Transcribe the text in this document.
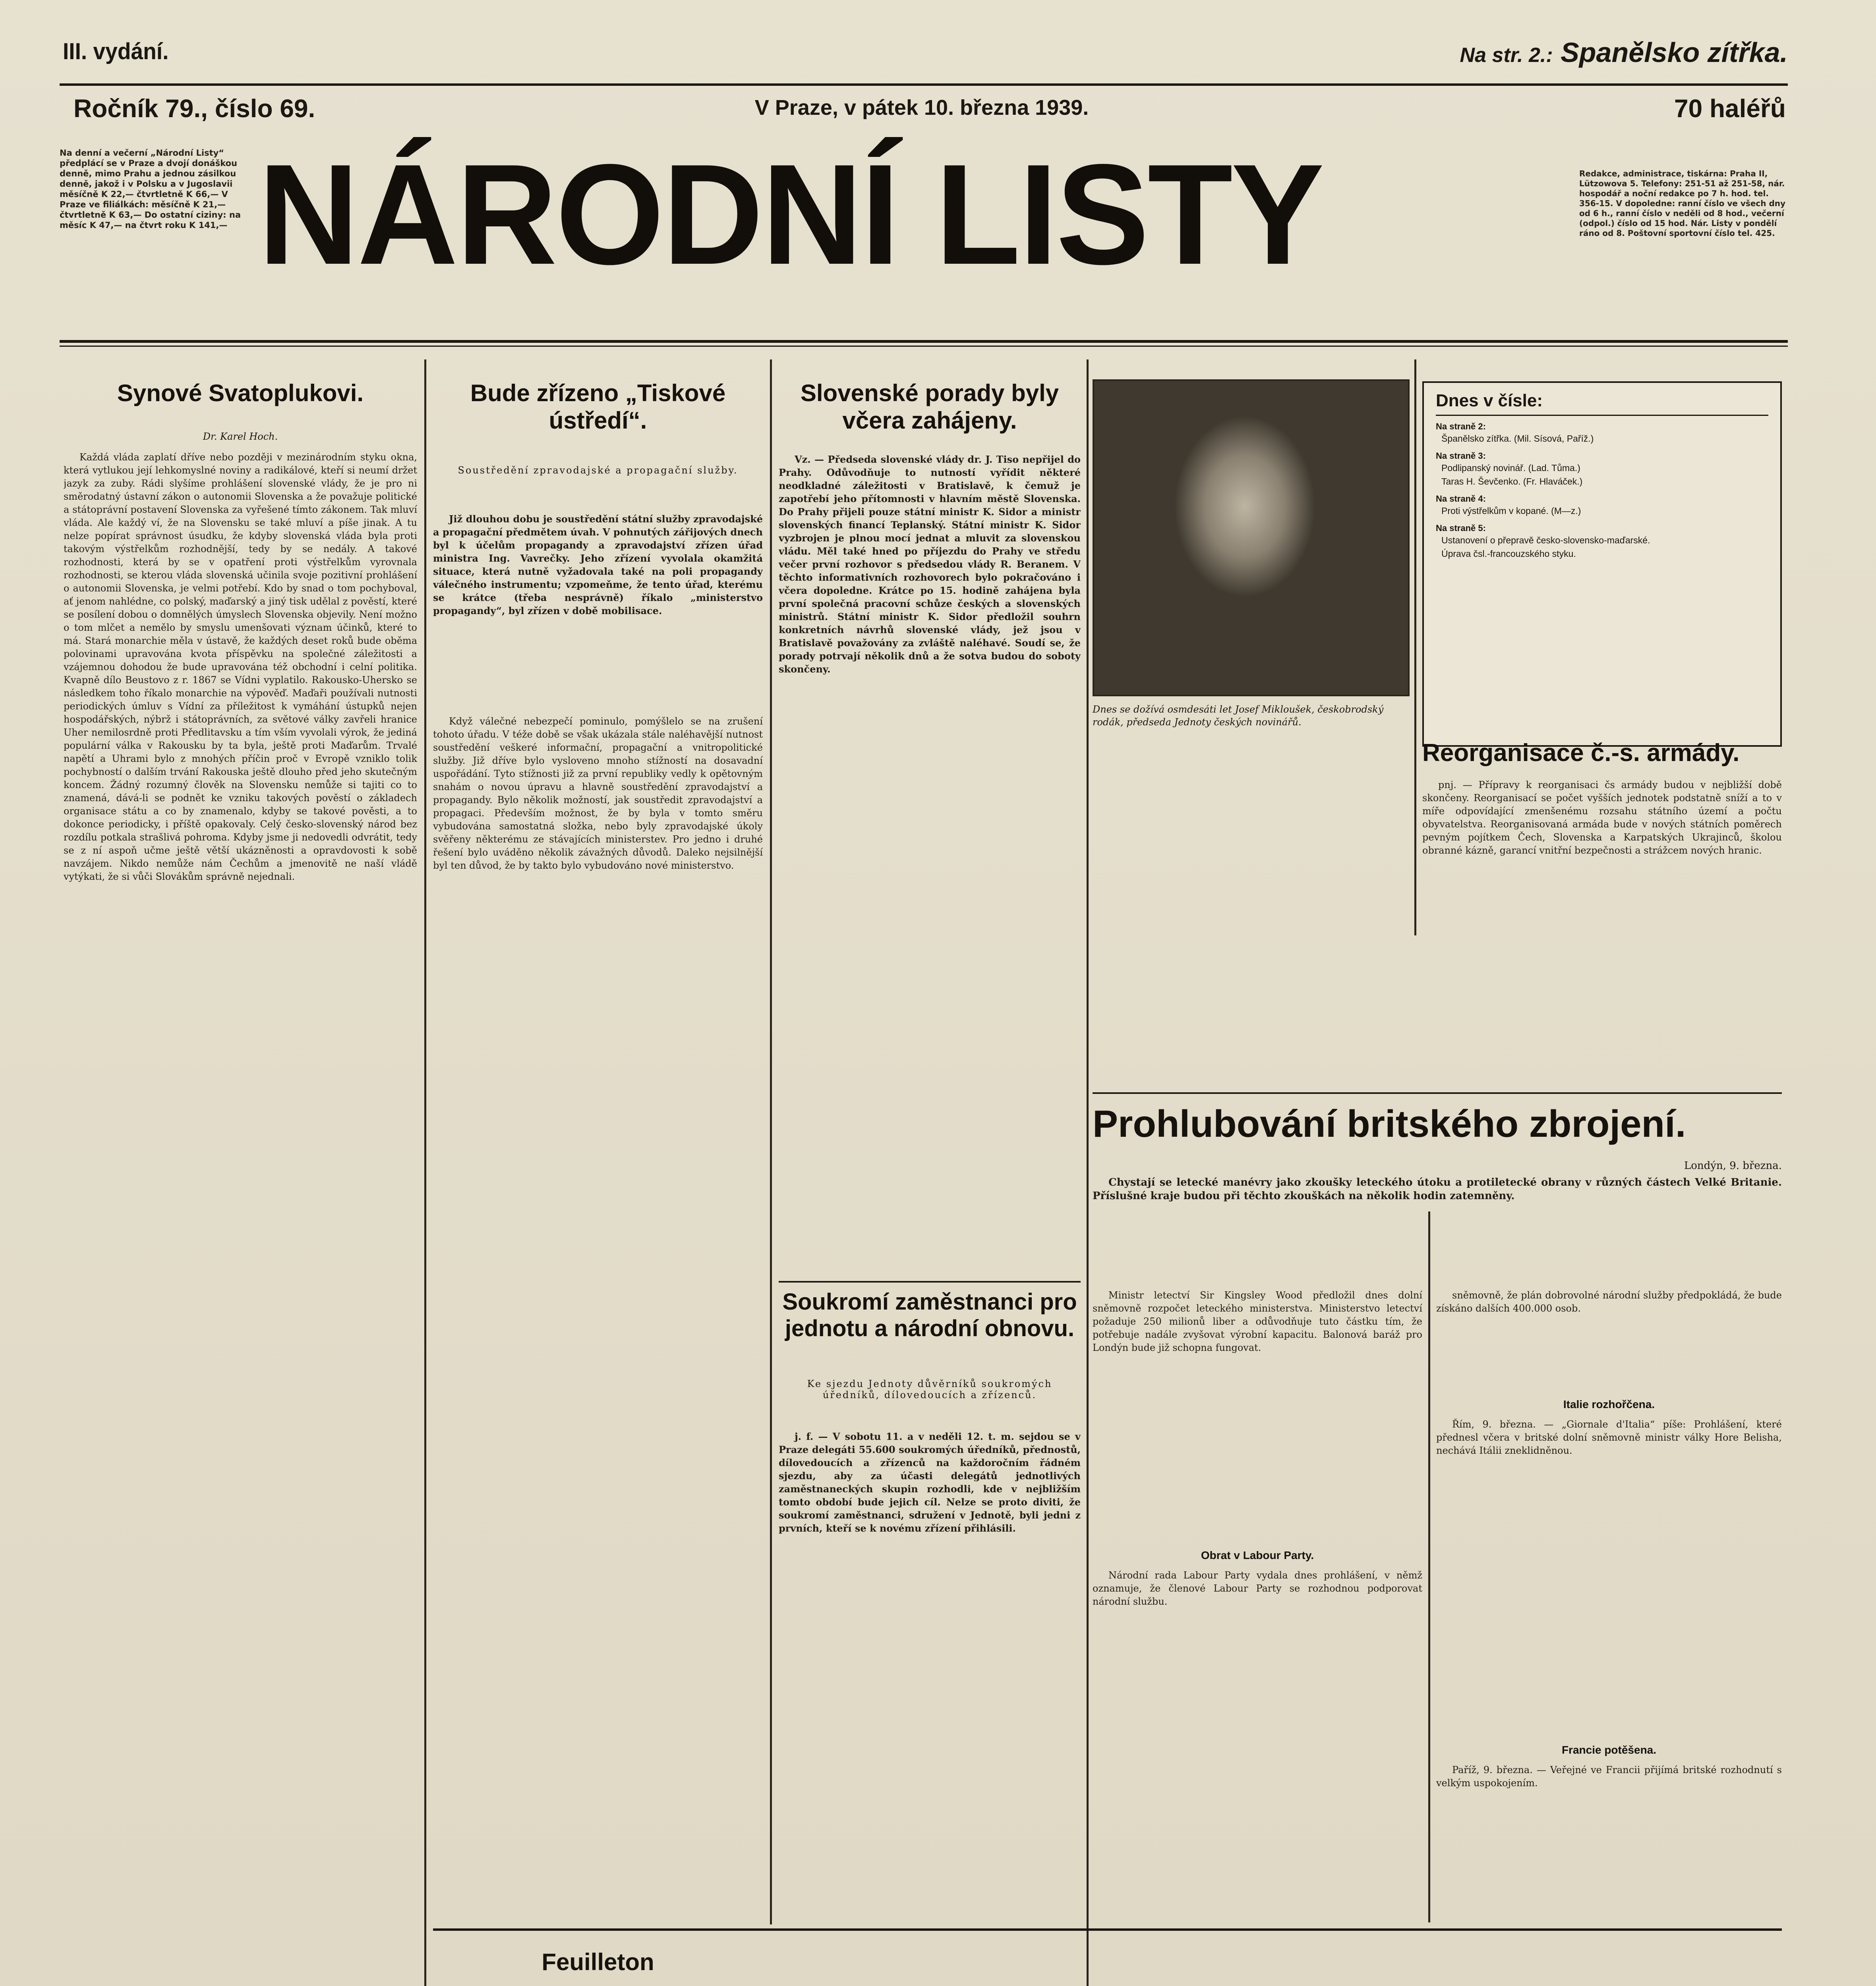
III. vydání.	Na str. 2.: Spanělsko zítřka.
Ročník 79., číslo 69.	V Praze, v pátek 10. března 1939.	70 haléřů
Na denní a večerní „Národní Listy“ předplácí se v Praze a dvojí donáškou denně, mimo Prahu a jednou zásilkou denně, jakož i v Polsku a v Jugoslavii měsíčně K 22,— čtvrtletně K 66,— V Praze ve filiálkách: měsíčně K 21,— čtvrtletně K 63,— Do ostatní ciziny: na měsíc K 47,— na čtvrt roku K 141,— NÁRODNÍ LISTY	Redakce, administrace, tiskárna: Praha II, Lützowova 5. Telefony: 251-51 až 251-58, nár. hospodář a noční redakce po 7 h. hod. tel. 356-15. V dopoledne: ranní číslo ve všech dny od 6 h., ranní číslo v neděli od 8 hod., večerní (odpol.) číslo od 15 hod. Nár. Listy v pondělí ráno od 8. Poštovní sportovní číslo tel. 425.
Synové Svatoplukovi.
Dr. Karel Hoch.

Každá vláda zaplatí dříve nebo později v mezinárodním styku okna, která vytlukou její lehkomyslné noviny a radikálové, kteří si neumí držet jazyk za zuby. Rádi slyšíme prohlášení slovenské vlády, že je pro ni směrodatný ústavní zákon o autonomii Slovenska a že považuje politické a státoprávní postavení Slovenska za vyřešené tímto zákonem. Tak mluví vláda. Ale každý ví, že na Slovensku se také mluví a píše jinak. A tu nelze popírat správnost úsudku, že kdyby slovenská vláda byla proti takovým výstřelkům rozhodnější, tedy by se nedály. A takové rozhodnosti, která by se v opatření proti výstřelkům vyrovnala rozhodnosti, se kterou vláda slovenská učinila svoje pozitivní prohlášení o autonomii Slovenska, je velmi potřebí. Kdo by snad o tom pochyboval, ať jenom nahlédne, co polský, maďarský a jiný tisk udělal z pověstí, které se posílení dobou o domnělých úmyslech Slovenska objevily. Není možno o tom mlčet a nemělo by smyslu umenšovati význam účinků, které to má. Stará monarchie měla v ústavě, že každých deset roků bude oběma polovinami upravována kvota příspěvku na společné záležitosti a vzájemnou dohodou že bude upravována též obchodní i celní politika. Kvapně dílo Beustovo z r. 1867 se Vídni vyplatilo. Rakousko-Uhersko se následkem toho říkalo monarchie na výpověď. Maďaři používali nutnosti periodických úmluv s Vídní za příležitost k vymáhání ústupků nejen hospodářských, nýbrž i státoprávních, za světové války zavřeli hranice Uher nemilosrdně proti Předlitavsku a tím vším vyvolali výrok, že jediná populární válka v Rakousku by ta byla, ještě proti Maďarům. Trvalé napětí a Uhrami bylo z mnohých příčin proč v Evropě vzniklo tolik pochybností o dalším trvání Rakouska ještě dlouho před jeho skutečným koncem. Žádný rozumný člověk na Slovensku nemůže si tajiti co to znamená, dává-li se podnět ke vzniku takových pověstí o základech organisace státu a co by znamenalo, kdyby se takové pověsti, a to dokonce periodicky, i příště opakovaly. Celý česko-slovenský národ bez rozdílu potkala strašlivá pohroma. Kdyby jsme ji nedovedli odvrátit, tedy se z ní aspoň učme ještě větší ukázněnosti a opravdovosti k sobě navzájem. Nikdo nemůže nám Čechům a jmenovitě ne naší vládě vytýkati, že si vůči Slovákům správně nejednali.

Bude zřízeno „Tiskové ústředí“.
Soustředění zpravodajské a propagační služby.

Již dlouhou dobu je soustředění státní služby zpravodajské a propagační předmětem úvah. V pohnutých zářijových dnech byl k účelům propagandy a zpravodajství zřízen úřad ministra Ing. Vavrečky. Jeho zřízení vyvolala okamžitá situace, která nutně vyžadovala také na poli propagandy válečného instrumentu; vzpomeňme, že tento úřad, kterému se krátce (třeba nesprávně) říkalo „ministerstvo propagandy“, byl zřízen v době mobilisace.

Když válečné nebezpečí pominulo, pomýšlelo se na zrušení tohoto úřadu. V téže době se však ukázala stále naléhavější nutnost soustředění veškeré informační, propagační a vnitropolitické služby. Již dříve bylo vysloveno mnoho stížností na dosavadní uspořádání. Tyto stížnosti již za první republiky vedly k opětovným snahám o novou úpravu a hlavně soustředění zpravodajství a propagandy. Bylo několik možností, jak soustředit zpravodajství a propagaci. Především možnost, že by byla v tomto směru vybudována samostatná složka, nebo byly zpravodajské úkoly svěřeny některému ze stávajících ministerstev. Pro jedno i druhé řešení bylo uváděno několik závažných důvodů. Daleko nejsilnější byl ten důvod, že by takto bylo vybudováno nové ministerstvo.

Slovenské porady byly včera zahájeny.

Vz. — Předseda slovenské vlády dr. J. Tiso nepřijel do Prahy. Odůvodňuje to nutností vyřídit některé neodkladné záležitosti v Bratislavě, k čemuž je zapotřebí jeho přítomnosti v hlavním městě Slovenska. Do Prahy přijeli pouze státní ministr K. Sidor a ministr slovenských financí Teplanský. Státní ministr K. Sidor vyzbrojen je plnou mocí jednat a mluvit za slovenskou vládu. Měl také hned po příjezdu do Prahy ve středu večer první rozhovor s předsedou vlády R. Beranem. V těchto informativních rozhovorech bylo pokračováno i včera dopoledne. Krátce po 15. hodině zahájena byla první společná pracovní schůze českých a slovenských ministrů. Státní ministr K. Sidor předložil souhrn konkretních návrhů slovenské vlády, jež jsou v Bratislavě považovány za zvláště naléhavé. Soudí se, že porady potrvají několik dnů a že sotva budou do soboty skončeny.

Soukromí zaměstnanci pro jednotu a národní obnovu.
Ke sjezdu Jednoty důvěrníků soukromých úředníků, dílovedoucích a zřízenců.

j. f. — V sobotu 11. a v neděli 12. t. m. sejdou se v Praze delegáti 55.600 soukromých úředníků, přednostů, dílovedoucích a zřízenců na každoročním řádném sjezdu, aby za účasti delegátů jednotlivých zaměstnaneckých skupin rozhodli, kde v nejbližším tomto období bude jejich cíl. Nelze se proto diviti, že soukromí zaměstnanci, sdružení v Jednotě, byli jedni z prvních, kteří se k novému zřízení přihlásili.

Dnes se dožívá osmdesáti let Josef Mikloušek, českobrodský rodák, předseda Jednoty českých novinářů.
Dnes v čísle:
Na straně 2:
Španělsko zítřka. (Mil. Sísová, Paříž.)
Na straně 3:
Podlipanský novinář. (Lad. Tůma.)
Taras H. Ševčenko. (Fr. Hlaváček.)
Na straně 4:
Proti výstřelkům v kopané. (M—z.)
Na straně 5:
Ustanovení o přepravě česko-slovensko-maďarské.
Úprava čsl.-francouzského styku.
Reorganisace č.-s. armády.

pnj. — Přípravy k reorganisaci čs armády budou v nejbližší době skončeny. Reorganisací se počet vyšších jednotek podstatně sníží a to v míře odpovídající zmenšenému rozsahu státního území a počtu obyvatelstva. Reorganisovaná armáda bude v nových státních poměrech pevným pojítkem Čech, Slovenska a Karpatských Ukrajinců, školou obranné kázně, garancí vnitřní bezpečnosti a strážcem nových hranic.

Prohlubování britského zbrojení.
Londýn, 9. března.

Chystají se letecké manévry jako zkoušky leteckého útoku a protiletecké obrany v různých částech Velké Britanie. Příslušné kraje budou při těchto zkouškách na několik hodin zatemněny.

Ministr letectví Sir Kingsley Wood předložil dnes dolní sněmovně rozpočet leteckého ministerstva. Ministerstvo letectví požaduje 250 milionů liber a odůvodňuje tuto částku tím, že potřebuje nadále zvyšovat výrobní kapacitu. Balonová baráž pro Londýn bude již schopna fungovat.

Obrat v Labour Party.

Národní rada Labour Party vydala dnes prohlášení, v němž oznamuje, že členové Labour Party se rozhodnou podporovat národní službu.

sněmovně, že plán dobrovolné národní služby předpokládá, že bude získáno dalších 400.000 osob.

Italie rozhořčena.

Řím, 9. března. — „Giornale d'Italia“ píše: Prohlášení, které přednesl včera v britské dolní sněmovně ministr války Hore Belisha, nechává Itálii zneklidněnou.

Francie potěšena.

Paříž, 9. března. — Veřejné ve Francii přijímá britské rozhodnutí s velkým uspokojením.

Feuilleton
